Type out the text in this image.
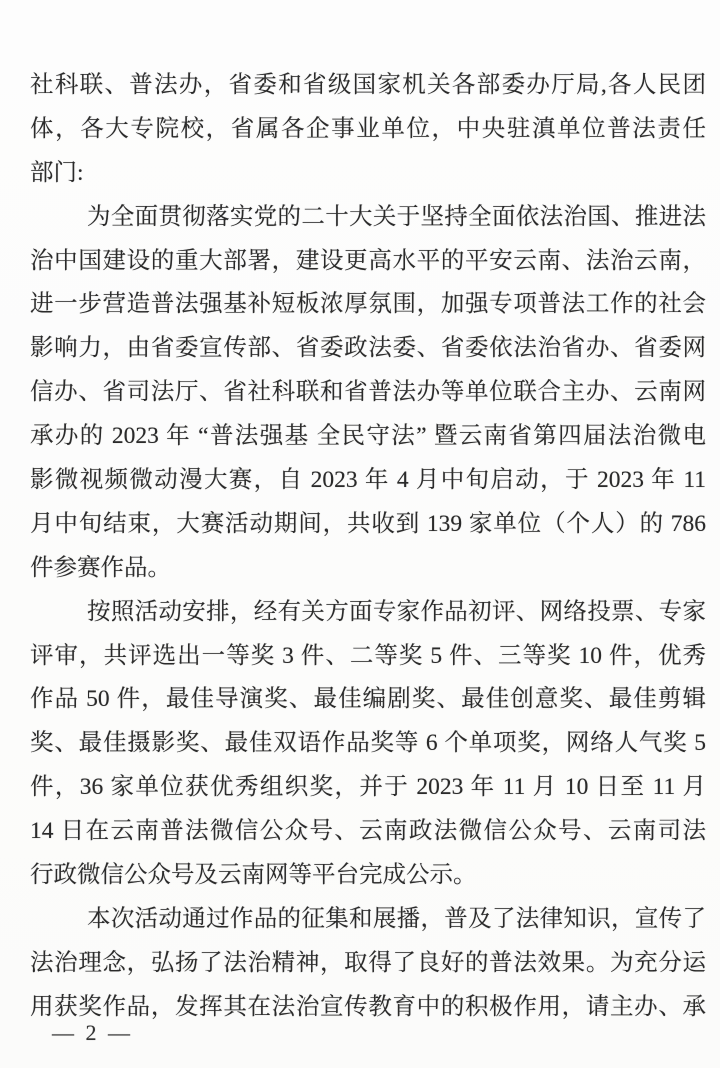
社科联、普法办，省委和省级国家机关各部委办厅局,各人民团
体，各大专院校，省属各企事业单位，中央驻滇单位普法责任
部门:
为全面贯彻落实党的二十大关于坚持全面依法治国、推进法
治中国建设的重大部署，建设更高水平的平安云南、法治云南，
进一步营造普法强基补短板浓厚氛围，加强专项普法工作的社会
影响力，由省委宣传部、省委政法委、省委依法治省办、省委网
信办、省司法厅、省社科联和省普法办等单位联合主办、云南网
承办的 2023 年 “普法强基 全民守法” 暨云南省第四届法治微电
影微视频微动漫大赛，自 2023 年 4 月中旬启动，于 2023 年 11
月中旬结束，大赛活动期间，共收到 139 家单位（个人）的 786
件参赛作品。
按照活动安排，经有关方面专家作品初评、网络投票、专家
评审，共评选出一等奖 3 件、二等奖 5 件、三等奖 10 件，优秀
作品 50 件，最佳导演奖、最佳编剧奖、最佳创意奖、最佳剪辑
奖、最佳摄影奖、最佳双语作品奖等 6 个单项奖，网络人气奖 5
件，36 家单位获优秀组织奖，并于 2023 年 11 月 10 日至 11 月
14 日在云南普法微信公众号、云南政法微信公众号、云南司法
行政微信公众号及云南网等平台完成公示。
本次活动通过作品的征集和展播，普及了法律知识，宣传了
法治理念，弘扬了法治精神，取得了良好的普法效果。为充分运
用获奖作品，发挥其在法治宣传教育中的积极作用，请主办、承
— 2 —
